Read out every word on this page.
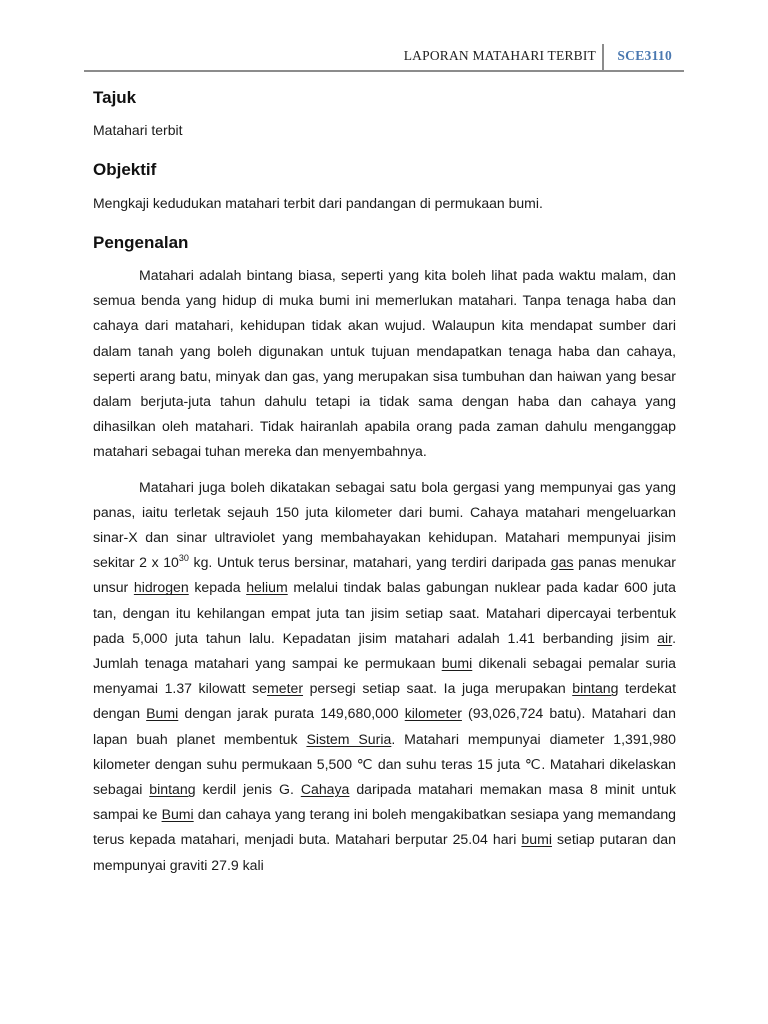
LAPORAN MATAHARI TERBIT SCE3110
Tajuk

Matahari terbit

Objektif

Mengkaji kedudukan matahari terbit dari pandangan di permukaan bumi.

Pengenalan

Matahari adalah bintang biasa, seperti yang kita boleh lihat pada waktu malam, dan semua benda yang hidup di muka bumi ini memerlukan matahari. Tanpa tenaga haba dan cahaya dari matahari, kehidupan tidak akan wujud. Walaupun kita mendapat sumber dari dalam tanah yang boleh digunakan untuk tujuan mendapatkan tenaga haba dan cahaya, seperti arang batu, minyak dan gas, yang merupakan sisa tumbuhan dan haiwan yang besar dalam berjuta-juta tahun dahulu tetapi ia tidak sama dengan haba dan cahaya yang dihasilkan oleh matahari. Tidak hairanlah apabila orang pada zaman dahulu menganggap matahari sebagai tuhan mereka dan menyembahnya.

Matahari juga boleh dikatakan sebagai satu bola gergasi yang mempunyai gas yang panas, iaitu terletak sejauh 150 juta kilometer dari bumi. Cahaya matahari mengeluarkan sinar-X dan sinar ultraviolet yang membahayakan kehidupan. Matahari mempunyai jisim sekitar 2 x $10^{30}$ kg. Untuk terus bersinar, matahari, yang terdiri daripada gas panas menukar unsur hidrogen kepada helium melalui tindak balas gabungan nuklear pada kadar 600 juta tan, dengan itu kehilangan empat juta tan jisim setiap saat. Matahari dipercayai terbentuk pada 5,000 juta tahun lalu. Kepadatan jisim matahari adalah 1.41 berbanding jisim air. Jumlah tenaga matahari yang sampai ke permukaan bumi dikenali sebagai pemalar suria menyamai 1.37 kilowatt semeter persegi setiap saat. Ia juga merupakan bintang terdekat dengan Bumi dengan jarak purata 149,680,000 kilometer (93,026,724 batu). Matahari dan lapan buah planet membentuk Sistem Suria. Matahari mempunyai diameter 1,391,980 kilometer dengan suhu permukaan 5,500 ℃ dan suhu teras 15 juta ℃. Matahari dikelaskan sebagai bintang kerdil jenis G. Cahaya daripada matahari memakan masa 8 minit untuk sampai ke Bumi dan cahaya yang terang ini boleh mengakibatkan sesiapa yang memandang terus kepada matahari, menjadi buta. Matahari berputar 25.04 hari bumi setiap putaran dan mempunyai graviti 27.9 kali
